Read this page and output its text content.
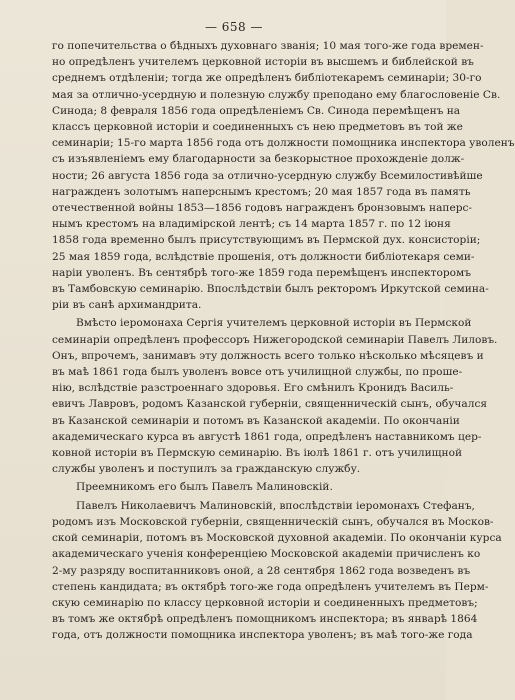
— 658 —
го попечительства о бѣдныхъ духовнаго званія; 10 мая того-же года времен-
но опредѣленъ учителемъ церковной исторіи въ высшемъ и библейской въ
среднемъ отдѣленіи; тогда же опредѣленъ библіотекаремъ семинаріи; 30-го
мая за отлично-усердную и полезную службу преподано ему благословеніе Св.
Синода; 8 февраля 1856 года опредѣленіемъ Св. Синода перемѣщенъ на
классъ церковной исторіи и соединенныхъ съ нею предметовъ въ той же
семинаріи; 15-го марта 1856 года отъ должности помощника инспектора уволенъ
съ изъявленіемъ ему благодарности за безкорыстное прохожденіе долж-
ности; 26 августа 1856 года за отлично-усердную службу Всемилостивѣйше
награжденъ золотымъ наперснымъ крестомъ; 20 мая 1857 года въ память
отечественной войны 1853—1856 годовъ награжденъ бронзовымъ наперс-
нымъ крестомъ на владимірской лентѣ; съ 14 марта 1857 г. по 12 іюня
1858 года временно былъ присутствующимъ въ Пермской дух. консисторіи;
25 мая 1859 года, вслѣдствіе прошенія, отъ должности библіотекаря семи-
наріи уволенъ. Въ сентябрѣ того-же 1859 года перемѣщенъ инспекторомъ
въ Тамбовскую семинарію. Впослѣдствіи былъ ректоромъ Иркутской семина-
ріи въ санѣ архимандрита.
Вмѣсто іеромонаха Сергія учителемъ церковной исторіи въ Пермской
семинаріи опредѣленъ профессоръ Нижегородской семинаріи Павелъ Лиловъ.
Онъ, впрочемъ, занимавъ эту должность всего только нѣсколько мѣсяцевъ и
въ маѣ 1861 года былъ уволенъ вовсе отъ училищной службы, по проше-
нію, вслѣдствіе разстроеннаго здоровья. Его смѣнилъ Кронидъ Василь-
евичъ Лавровъ, родомъ Казанской губерніи, священническій сынъ, обучался
въ Казанской семинаріи и потомъ въ Казанской академіи. По окончаніи
академическаго курса въ августѣ 1861 года, опредѣленъ наставникомъ цер-
ковной исторіи въ Пермскую семинарію. Въ іюлѣ 1861 г. отъ училищной
службы уволенъ и поступилъ за гражданскую службу.
Преемникомъ его былъ Павелъ Малиновскій.
Павелъ Николаевичъ Малиновскій, впослѣдствіи іеромонахъ Стефанъ,
родомъ изъ Московской губерніи, священническій сынъ, обучался въ Москов-
ской семинаріи, потомъ въ Московской духовной академіи. По окончаніи курса
академическаго ученія конференціею Московской академіи причисленъ ко
2-му разряду воспитанниковъ оной, а 28 сентября 1862 года возведенъ въ
степень кандидата; въ октябрѣ того-же года опредѣленъ учителемъ въ Перм-
скую семинарію по классу церковной исторіи и соединенныхъ предметовъ;
въ томъ же октябрѣ опредѣленъ помощникомъ инспектора; въ январѣ 1864
года, отъ должности помощника инспектора уволенъ; въ маѣ того-же года
